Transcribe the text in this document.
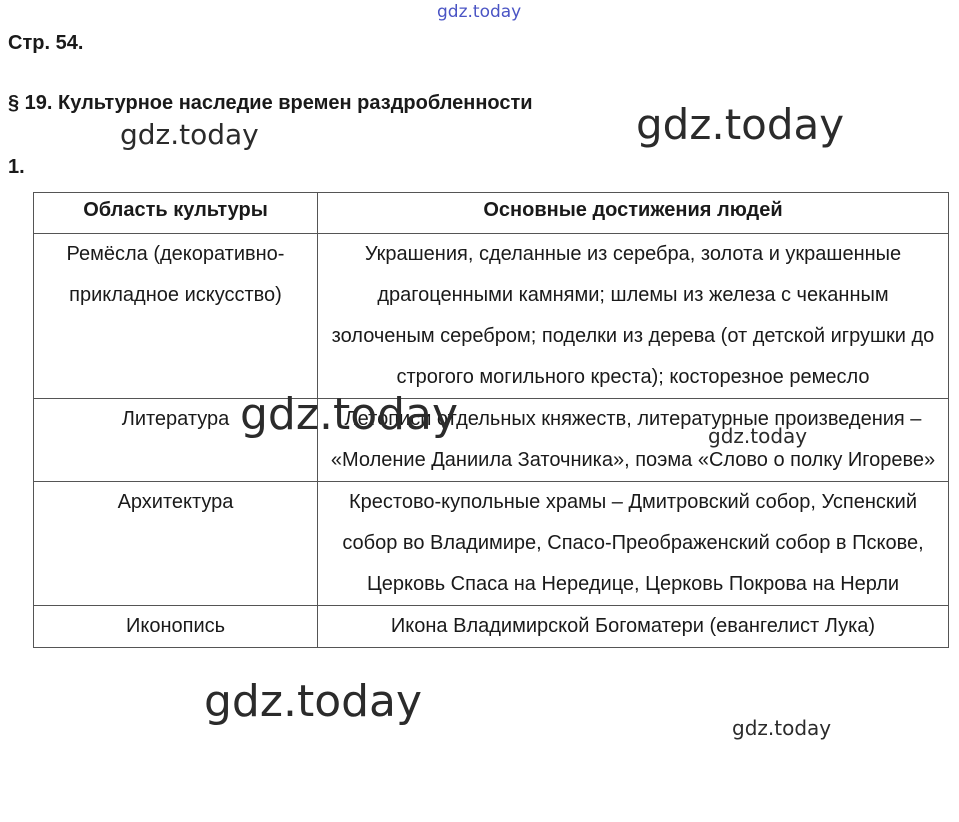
gdz.today
Стр. 54.
§ 19. Культурное наследие времен раздробленности
1.
Область культуры	Основные достижения людей
Ремёсла (декоративно-прикладное искусство)	Украшения, сделанные из серебра, золота и украшенные драгоценными камнями; шлемы из железа с чеканным золоченым серебром; поделки из дерева (от детской игрушки до строгого могильного креста); косторезное ремесло
Литература	Летописи отдельных княжеств, литературные произведения – «Моление Даниила Заточника», поэма «Слово о полку Игореве»
Архитектура	Крестово-купольные храмы – Дмитровский собор, Успенский собор во Владимире, Спасо-Преображенский собор в Пскове, Церковь Спаса на Нередице, Церковь Покрова на Нерли
Иконопись	Икона Владимирской Богоматери (евангелист Лука)
gdz.today	gdz.today
gdz.today	gdz.today
gdz.today
gdz.today
